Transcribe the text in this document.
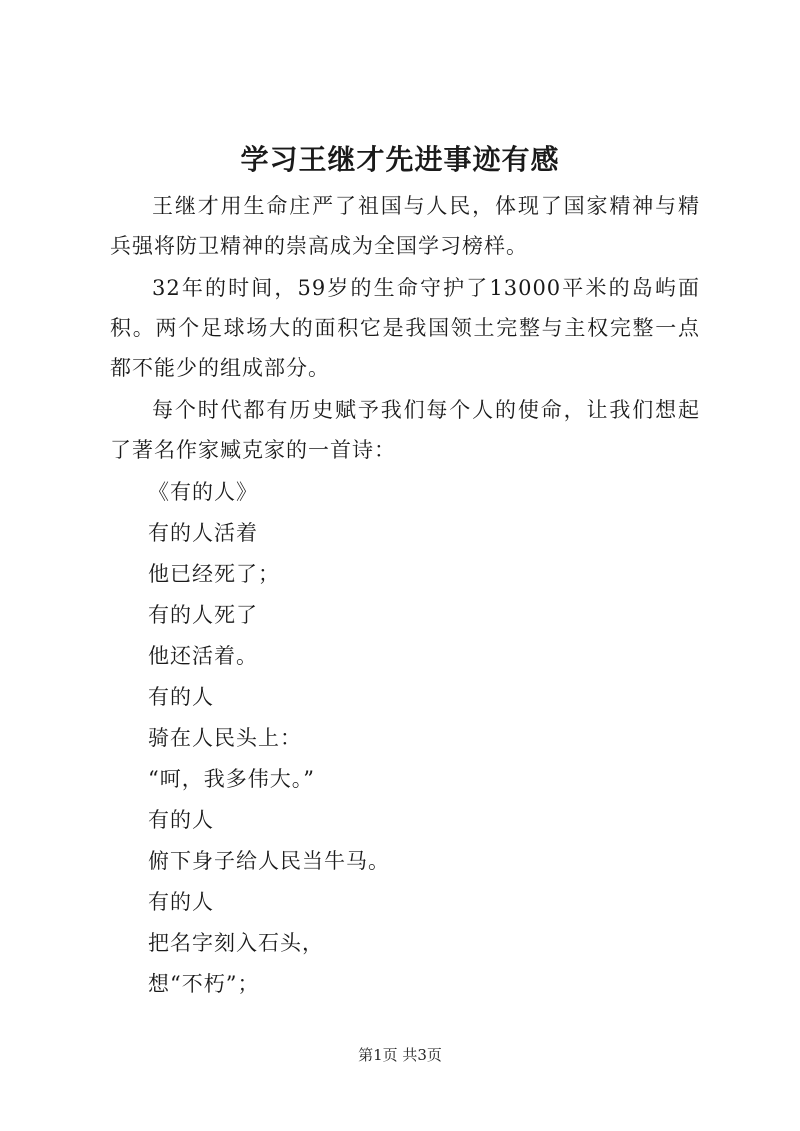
学习王继才先进事迹有感

王继才用生命庄严了祖国与人民，体现了国家精神与精兵强将防卫精神的崇高成为全国学习榜样。

32年的时间，59岁的生命守护了13000平米的岛屿面积。两个足球场大的面积它是我国领土完整与主权完整一点都不能少的组成部分。

每个时代都有历史赋予我们每个人的使命，让我们想起了著名作家臧克家的一首诗：

《有的人》

有的人活着

他已经死了；

有的人死了

他还活着。

有的人

骑在人民头上：

“呵，我多伟大。”

有的人

俯下身子给人民当牛马。

有的人

把名字刻入石头，

想“不朽”；

第1页 共3页
